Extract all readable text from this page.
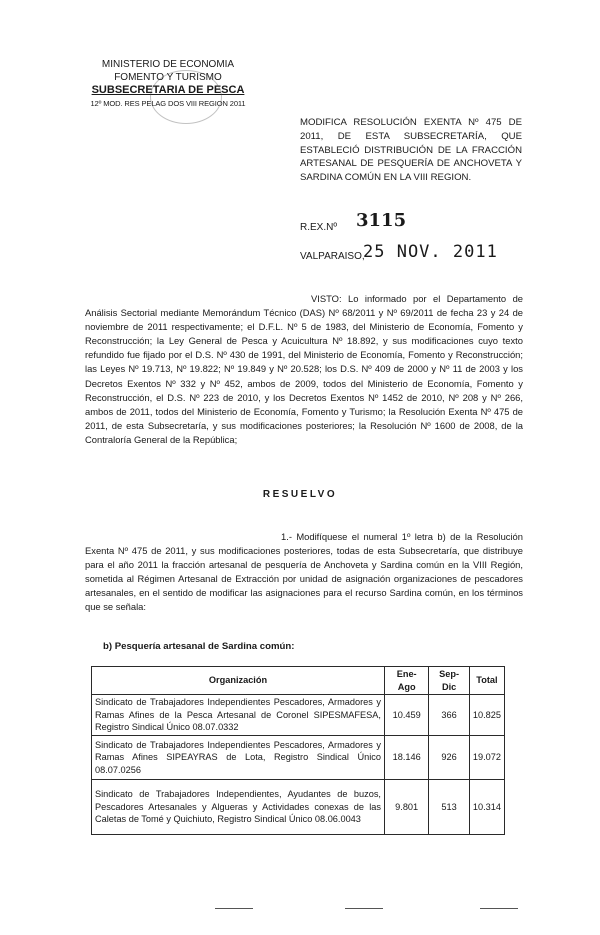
MINISTERIO DE ECONOMIA
FOMENTO Y TURISMO
SUBSECRETARIA DE PESCA
12º MOD. RES PELAG DOS VIII REGION 2011
MODIFICA RESOLUCIÓN EXENTA Nº 475 DE 2011, DE ESTA SUBSECRETARÍA, QUE ESTABLECIÓ DISTRIBUCIÓN DE LA FRACCIÓN ARTESANAL DE PESQUERÍA DE ANCHOVETA Y SARDINA COMÚN EN LA VIII REGION.
R.EX.Nº 3115
VALPARAISO,
25 NOV. 2011
VISTO: Lo informado por el Departamento de Análisis Sectorial mediante Memorándum Técnico (DAS) Nº 68/2011 y Nº 69/2011 de fecha 23 y 24 de noviembre de 2011 respectivamente; el D.F.L. Nº 5 de 1983, del Ministerio de Economía, Fomento y Reconstrucción; la Ley General de Pesca y Acuicultura Nº 18.892, y sus modificaciones cuyo texto refundido fue fijado por el D.S. Nº 430 de 1991, del Ministerio de Economía, Fomento y Reconstrucción; las Leyes Nº 19.713, Nº 19.822; Nº 19.849 y Nº 20.528; los D.S. Nº 409 de 2000 y Nº 11 de 2003 y los Decretos Exentos Nº 332 y Nº 452, ambos de 2009, todos del Ministerio de Economía, Fomento y Reconstrucción, el D.S. Nº 223 de 2010, y los Decretos Exentos Nº 1452 de 2010, Nº 208 y Nº 266, ambos de 2011, todos del Ministerio de Economía, Fomento y Turismo; la Resolución Exenta Nº 475 de 2011, de esta Subsecretaría, y sus modificaciones posteriores; la Resolución Nº 1600 de 2008, de la Contraloría General de la República;
RESUELVO
1.- Modifíquese el numeral 1º letra b) de la Resolución Exenta Nº 475 de 2011, y sus modificaciones posteriores, todas de esta Subsecretaría, que distribuye para el año 2011 la fracción artesanal de pesquería de Anchoveta y Sardina común en la VIII Región, sometida al Régimen Artesanal de Extracción por unidad de asignación organizaciones de pescadores artesanales, en el sentido de modificar las asignaciones para el recurso Sardina común, en los términos que se señala:
b) Pesquería artesanal de Sardina común:
Organización	Ene-Ago	Sep-Dic	Total
Sindicato de Trabajadores Independientes Pescadores, Armadores y Ramas Afines de la Pesca Artesanal de Coronel SIPESMAFESA, Registro Sindical Único 08.07.0332	10.459	366	10.825
Sindicato de Trabajadores Independientes Pescadores, Armadores y Ramas Afines SIPEAYRAS de Lota, Registro Sindical Único 08.07.0256	18.146	926	19.072
Sindicato de Trabajadores Independientes, Ayudantes de buzos, Pescadores Artesanales y Algueras y Actividades conexas de las Caletas de Tomé y Quichiuto, Registro Sindical Único 08.06.0043	9.801	513	10.314
